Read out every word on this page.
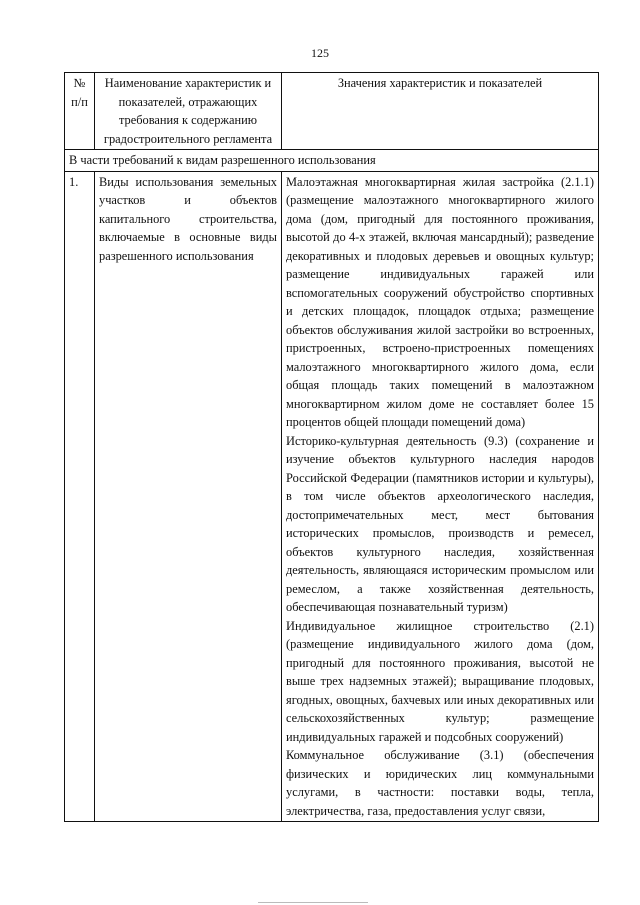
125
№ п/п	Наименование характеристик и показателей, отражающих требования к содержанию градостроительного регламента	Значения характеристик и показателей
В части требований к видам разрешенного использования		
1.	Виды использования земельных участков и объектов капитального строительства, включаемые в основные виды разрешенного использования	Малоэтажная многоквартирная жилая застройка (2.1.1) (размещение малоэтажного многоквартирного жилого дома (дом, пригодный для постоянного проживания, высотой до 4-х этажей, включая мансардный); разведение декоративных и плодовых деревьев и овощных культур; размещение индивидуальных гаражей или вспомогательных сооружений обустройство спортивных и детских площадок, площадок отдыха; размещение объектов обслуживания жилой застройки во встроенных, пристроенных, встроено-пристроенных помещениях малоэтажного многоквартирного жилого дома, если общая площадь таких помещений в малоэтажном многоквартирном жилом доме не составляет более 15 процентов общей площади помещений дома)

Историко-культурная деятельность (9.3) (сохранение и изучение объектов культурного наследия народов Российской Федерации (памятников истории и культуры), в том числе объектов археологического наследия, достопримечательных мест, мест бытования исторических промыслов, производств и ремесел, объектов культурного наследия, хозяйственная деятельность, являющаяся историческим промыслом или ремеслом, а также хозяйственная деятельность, обеспечивающая познавательный туризм)

Индивидуальное жилищное строительство (2.1) (размещение индивидуального жилого дома (дом, пригодный для постоянного проживания, высотой не выше трех надземных этажей); выращивание плодовых, ягодных, овощных, бахчевых или иных декоративных или сельскохозяйственных культур; размещение индивидуальных гаражей и подсобных сооружений)

Коммунальное обслуживание (3.1) (обеспечения физических и юридических лиц коммунальными услугами, в частности: поставки воды, тепла, электричества, газа, предоставления услуг связи,
